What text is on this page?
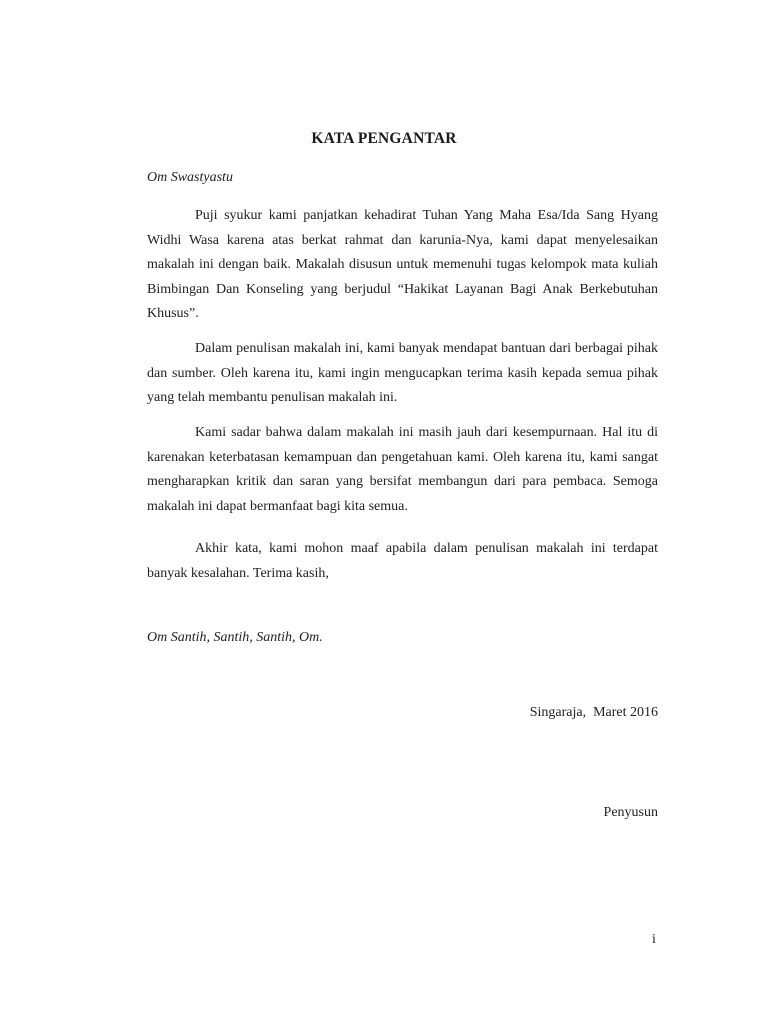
KATA PENGANTAR
Om Swastyastu

Puji syukur kami panjatkan kehadirat Tuhan Yang Maha Esa/Ida Sang Hyang Widhi Wasa karena atas berkat rahmat dan karunia-Nya, kami dapat menyelesaikan makalah ini dengan baik. Makalah disusun untuk memenuhi tugas kelompok mata kuliah Bimbingan Dan Konseling yang berjudul “Hakikat Layanan Bagi Anak Berkebutuhan Khusus”.

Dalam penulisan makalah ini, kami banyak mendapat bantuan dari berbagai pihak dan sumber. Oleh karena itu, kami ingin mengucapkan terima kasih kepada semua pihak yang telah membantu penulisan makalah ini.

Kami sadar bahwa dalam makalah ini masih jauh dari kesempurnaan. Hal itu di karenakan keterbatasan kemampuan dan pengetahuan kami. Oleh karena itu, kami sangat mengharapkan kritik dan saran yang bersifat membangun dari para pembaca. Semoga makalah ini dapat bermanfaat bagi kita semua.

Akhir kata, kami mohon maaf apabila dalam penulisan makalah ini terdapat banyak kesalahan. Terima kasih,

Om Santih, Santih, Santih, Om.
Singaraja,  Maret 2016
Penyusun
i
